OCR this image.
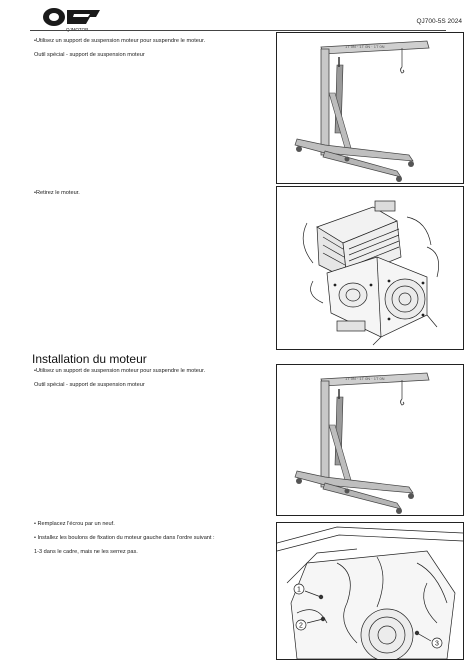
QJ700-5S 2024
•Utilisez un support de suspension moteur pour suspendre le moteur.
Outil spécial - support de suspension moteur
1T 0N · 1T 0N · 1T 0N
•Retirez le moteur.
Installation du moteur
•Utilisez un support de suspension moteur pour suspendre le moteur.
Outil spécial - support de suspension moteur
1T 0N · 1T 0N · 1T 0N
• Remplacez l'écrou par un neuf.
• Installez les boulons de fixation du moteur gauche dans l'ordre suivant :
1-3 dans le cadre, mais ne les serrez pas.
1
2
3
